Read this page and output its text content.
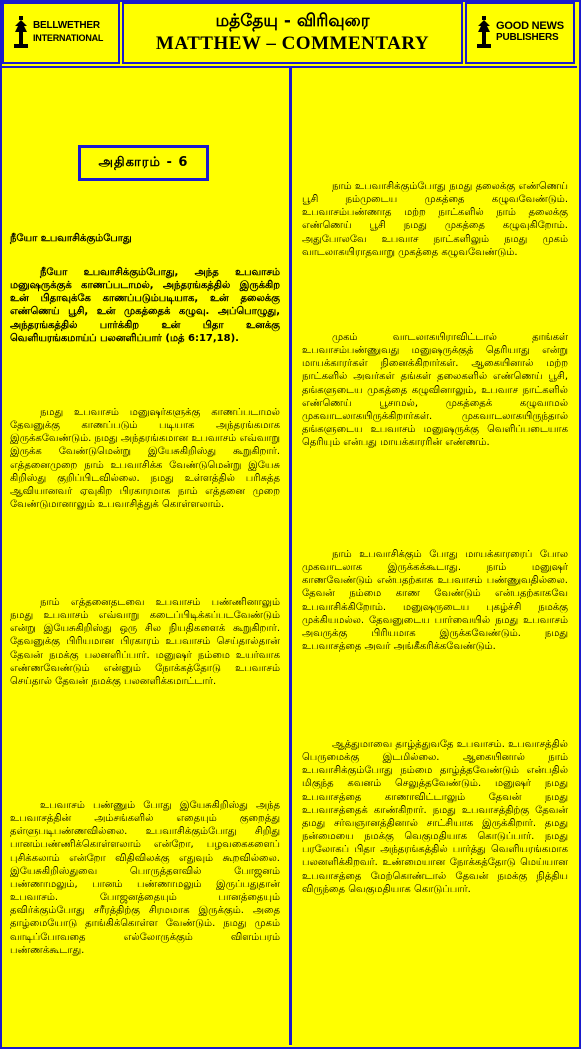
BELLWETHER
INTERNATIONAL
மத்தேயு - விரிவுரை
MATTHEW – COMMENTARY
GOOD NEWS
PUBLISHERS
அதிகாரம் - 6
நீயோ உபவாசிக்கும்போது

நீயோ உபவாசிக்கும்போது, அந்த உபவாசம் மனுஷருக்குக் காணப்படாமல், அந்தரங்கத்தில் இருக்கிற உன் பிதாவுக்கே காணப்படும்படியாக, உன் தலைக்கு எண்ணெய் பூசி, உன் முகத்தைக் கழுவு. அப்பொழுது, அந்தரங்கத்தில் பார்க்கிற உன் பிதா உனக்கு வெளியரங்கமாய்ப் பலனளிப்பார் (மத் 6:17,18).

நமது உபவாசம் மனுஷர்களுக்கு காணப்படாமல் தேவனுக்கு காணப்படும் படியாக அந்தரங்கமாக இருக்கவேண்டும். நமது அந்தரங்கமான உபவாசம் எவ்வாறு இருக்க வேண்டுமென்று இயேசுகிறிஸ்து கூறுகிறார். எத்தனைமுறை நாம் உபவாசிக்க வேண்டுமென்று இயேசு கிறிஸ்து குறிப்பிடவில்லை. நமது உள்ளத்தில் பரிசுத்த ஆவியானவர் ஏவுகிற பிரகாரமாக நாம் எத்தனை முறை வேண்டுமானாலும் உபவாசித்துக் கொள்ளலாம்.

நாம் எத்தனைதடவை உபவாசம் பண்ணினாலும் நமது உபவாசம் எவ்வாறு கடைப்பிடிக்கப்படவேண்டும் என்று இயேசுகிறிஸ்து ஒரு சில நியதிகளைக் கூறுகிறார். தேவனுக்கு பிரியமான பிரகாரம் உபவாசம் செய்தால்தான் தேவன் நமக்கு பலனளிப்பார். மனுஷர் நம்மை உயர்வாக எண்ணவேண்டும் என்னும் நோக்கத்தோடு உபவாசம் செய்தால் தேவன் நமக்கு பலனளிக்கமாட்டார்.

உபவாசம் பண்ணும் போது இயேசுகிறிஸ்து அந்த உபவாசத்தின் அம்சங்களில் எதையும் குறைத்து தள்ளுபடிபண்ணவில்லை. உபவாசிக்கும்போது சிறிது பானம்பண்ணிக்கொள்ளலாம் என்றோ, பழவகைகளைப் புசிக்கலாம் என்றோ விதிவிலக்கு எதுவும் கூறவில்லை. இயேசுகிறிஸ்துவை பொருத்தளவில் போஜனம் பண்ணாமலும், பானம் பண்ணாமலும் இருப்பதுதான் உபவாசம். போஜனத்தையும் பானத்தையும் தவிர்க்கும்போது சரீரத்திற்கு சிரமமாக இருக்கும். அதை தாழ்மையோடு தாங்கிக்கொள்ள வேண்டும். நமது முகம் வாடிப்போவதை எல்லோருக்கும் விளம்பரம் பண்ணக்கூடாது.

நாம் உபவாசிக்கும்போது நமது தலைக்கு எண்ணெய் பூசி நம்முடைய முகத்தை கழுவவேண்டும். உபவாசம்பண்ணாத மற்ற நாட்களில் நாம் தலைக்கு எண்ணெய் பூசி நமது முகத்தை கழுவுகிறோம். அதுபோலவே உபவாச நாட்களிலும் நமது முகம் வாடலாகயிராதவாறு முகத்தை கழுவவேண்டும்.

முகம் வாடலாகயிராவிட்டால் தாங்கள் உபவாசம்பண்ணுவது மனுஷருக்குத் தெரியாது என்று மாயக்காரர்கள் நினைக்கிறார்கள். ஆகையினால் மற்ற நாட்களில் அவர்கள் தங்கள் தலைகளில் எண்ணெய் பூசி, தங்களுடைய முகத்தை கழுவினாலும், உபவாச நாட்களில் எண்ணெய் பூசாமல், முகத்தைக் கழுவாமல் முகவாடலாகயிருக்கிறார்கள். முகவாடலாகயிருந்தால் தங்களுடைய உபவாசம் மனுஷருக்கு வெளிப்படையாக தெரியும் என்பது மாயக்காரரின் எண்ணம்.

நாம் உபவாசிக்கும் போது மாயக்காரரைப் போல முகவாடலாக இருக்கக்கூடாது. நாம் மனுஷர் காணவேண்டும் என்பதற்காக உபவாசம் பண்ணுவதில்லை. தேவன் நம்மை காண வேண்டும் என்பதற்காகவே உபவாசிக்கிறோம். மனுஷருடைய புகழ்ச்சி நமக்கு முக்கியமல்ல. தேவனுடைய பார்வையில் நமது உபவாசம் அவருக்கு பிரியமாக இருக்கவேண்டும். நமது உபவாசத்தை அவர் அங்கீகரிக்கவேண்டும்.

ஆத்துமாவை தாழ்த்துவதே உபவாசம். உபவாசத்தில் பெருமைக்கு இடமில்லை. ஆகையினால் நாம் உபவாசிக்கும்போது நம்மை தாழ்த்தவேண்டும் என்பதில் மிகுந்த கவனம் செலுத்தவேண்டும். மனுஷர் நமது உபவாசத்தை காணாவிட்டாலும் தேவன் நமது உபவாசத்தைக் காண்கிறார். நமது உபவாசத்திற்கு தேவன் தமது சர்வஞானத்தினால் சாட்சியாக இருக்கிறார். தமது நன்மையை நமக்கு வெகுமதியாக கொடுப்பார். நமது பரலோகப் பிதா அந்தரங்கத்தில் பார்த்து வெளியரங்கமாக பலனளிக்கிறவர். உண்மையான நோக்கத்தோடு மெய்யான உபவாசத்தை மேற்கொண்டால் தேவன் நமக்கு நித்திய விருந்தை வெகுமதியாக கொடுப்பார்.
